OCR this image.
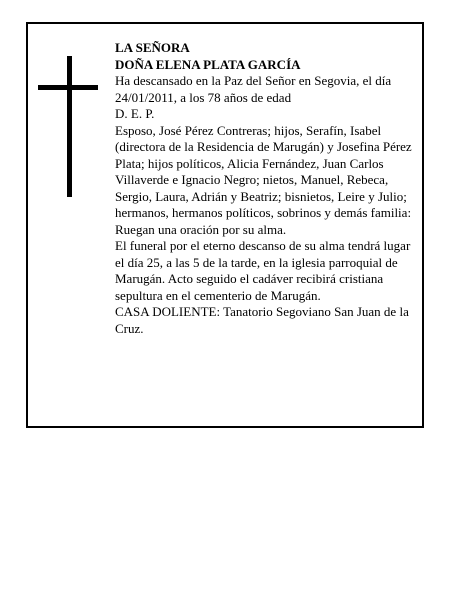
LA SEÑORA

DOÑA ELENA PLATA GARCÍA

Ha descansado en la Paz del Señor en Segovia, el día 24/01/2011, a los 78 años de edad

D. E. P.

Esposo, José Pérez Contreras; hijos, Serafín, Isabel (directora de la Residencia de Marugán) y Josefina Pérez Plata; hijos políticos, Alicia Fernández, Juan Carlos Villaverde e Ignacio Negro; nietos, Manuel, Rebeca, Sergio, Laura, Adrián y Beatriz; bisnietos, Leire y Julio; hermanos, hermanos políticos, sobrinos y demás familia:

Ruegan una oración por su alma.

El funeral por el eterno descanso de su alma tendrá lugar el día 25, a las 5 de la tarde, en la iglesia parroquial de Marugán. Acto seguido el cadáver recibirá cristiana sepultura en el cementerio de Marugán.

CASA DOLIENTE: Tanatorio Segoviano San Juan de la Cruz.
